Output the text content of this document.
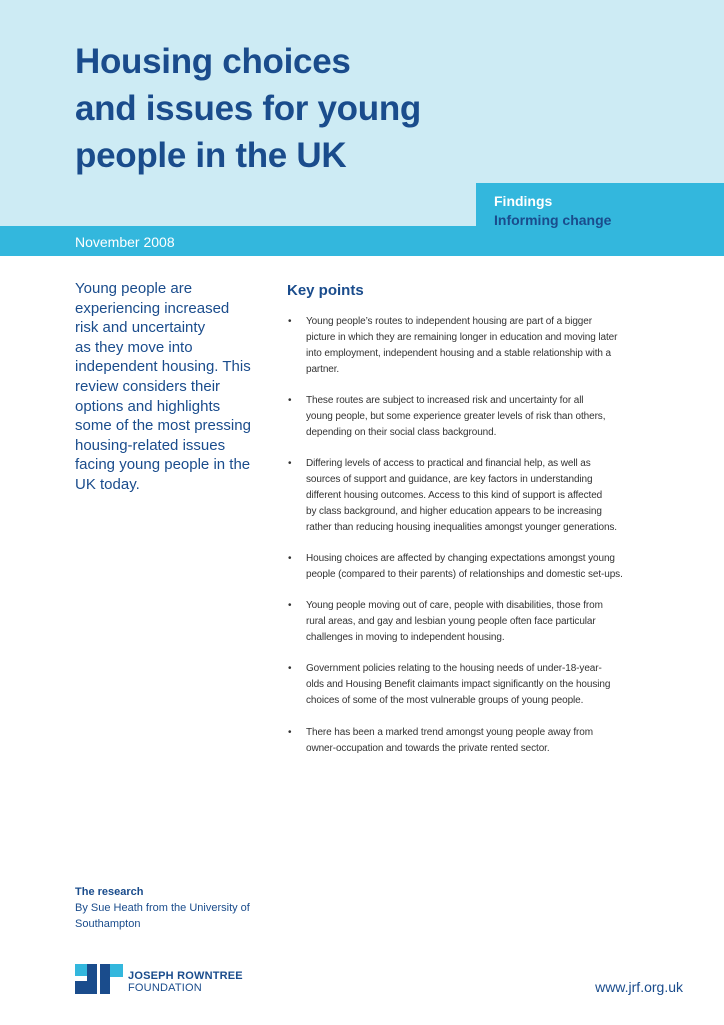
Housing choices
and issues for young
people in the UK
Findings
Informing change
November 2008

Young people are
experiencing increased
risk and uncertainty
as they move into
independent housing. This
review considers their
options and highlights
some of the most pressing
housing-related issues
facing young people in the
UK today.

Key points
• Young people’s routes to independent housing are part of a bigger
picture in which they are remaining longer in education and moving later
into employment, independent housing and a stable relationship with a
partner.
• These routes are subject to increased risk and uncertainty for all
young people, but some experience greater levels of risk than others,
depending on their social class background.
• Differing levels of access to practical and financial help, as well as
sources of support and guidance, are key factors in understanding
different housing outcomes. Access to this kind of support is affected
by class background, and higher education appears to be increasing
rather than reducing housing inequalities amongst younger generations.
• Housing choices are affected by changing expectations amongst young
people (compared to their parents) of relationships and domestic set-ups.
• Young people moving out of care, people with disabilities, those from
rural areas, and gay and lesbian young people often face particular
challenges in moving to independent housing.
• Government policies relating to the housing needs of under-18-year-
olds and Housing Benefit claimants impact significantly on the housing
choices of some of the most vulnerable groups of young people.
• There has been a marked trend amongst young people away from
owner-occupation and towards the private rented sector.
The research
By Sue Heath from the University of
Southampton
JOSEPH ROWNTREE
FOUNDATION	www.jrf.org.uk
